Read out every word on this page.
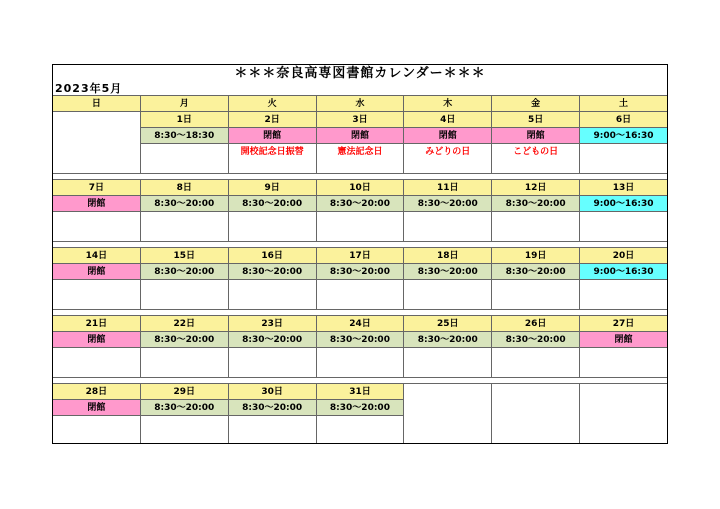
＊＊＊奈良高専図書館カレンダー＊＊＊
2023年5月
日	月	火	水	木	金	土
	1日	2日	3日	4日	5日	6日
	8:30～18:30	閉館	閉館	閉館	閉館	9:00～16:30

		開校記念日振替	憲法記念日	みどりの日	こどもの日	

7日	8日	9日	10日	11日	12日	13日
閉館	8:30～20:00	8:30～20:00	8:30～20:00	8:30～20:00	8:30～20:00	9:00～16:30

14日	15日	16日	17日	18日	19日	20日
閉館	8:30～20:00	8:30～20:00	8:30～20:00	8:30～20:00	8:30～20:00	9:00～16:30

21日	22日	23日	24日	25日	26日	27日
閉館	8:30～20:00	8:30～20:00	8:30～20:00	8:30～20:00	8:30～20:00	閉館

28日	29日	30日	31日			
閉館	8:30～20:00	8:30～20:00	8:30～20:00			
